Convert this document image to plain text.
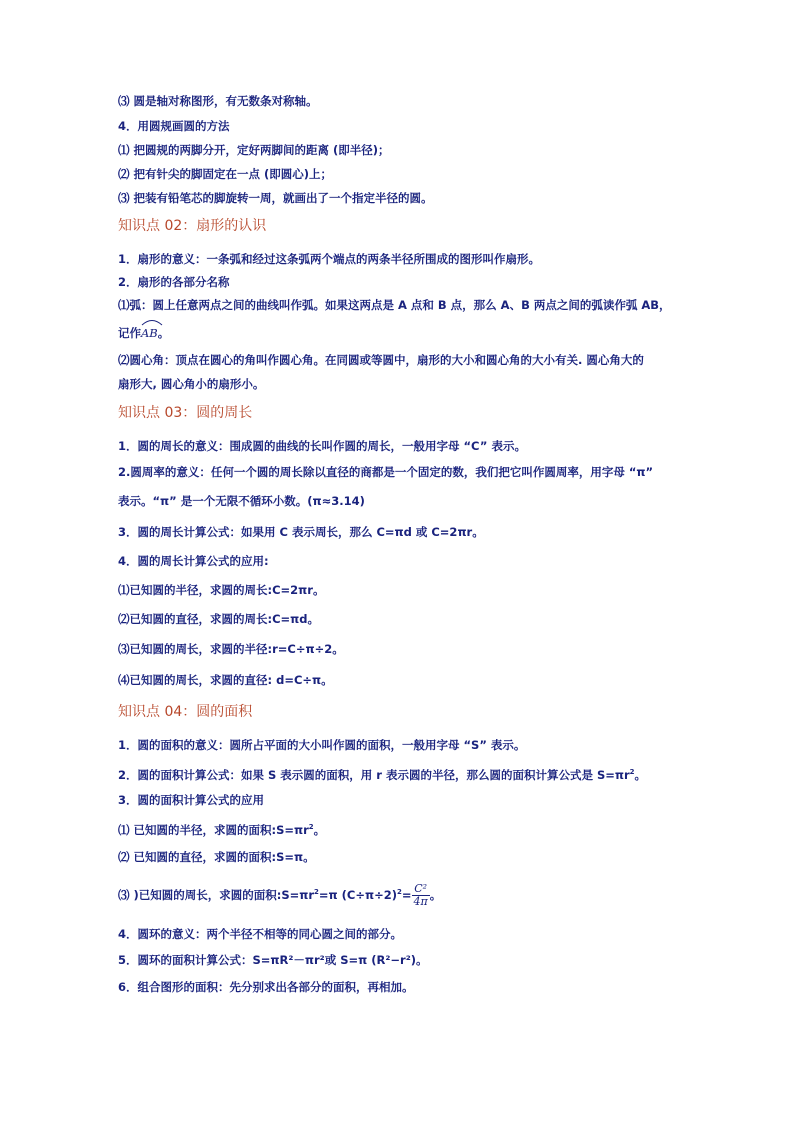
⑶ 圆是轴对称图形，有无数条对称轴。
4．用圆规画圆的方法
⑴ 把圆规的两脚分开，定好两脚间的距离 (即半径)；
⑵ 把有针尖的脚固定在一点 (即圆心)上；
⑶ 把装有铅笔芯的脚旋转一周，就画出了一个指定半径的圆。
知识点 02：扇形的认识
1．扇形的意义：一条弧和经过这条弧两个端点的两条半径所围成的图形叫作扇形。
2．扇形的各部分名称
⑴弧：圆上任意两点之间的曲线叫作弧。如果这两点是 A 点和 B 点，那么 A、B 两点之间的弧读作弧 AB，
记作
AB。
⑵圆心角：顶点在圆心的角叫作圆心角。在同圆或等圆中，扇形的大小和圆心角的大小有关. 圆心角大的
扇形大, 圆心角小的扇形小。
知识点 03：圆的周长
1．圆的周长的意义：围成圆的曲线的长叫作圆的周长，一般用字母 “C” 表示。
2.圆周率的意义：任何一个圆的周长除以直径的商都是一个固定的数，我们把它叫作圆周率，用字母 “π”
表示。“π” 是一个无限不循环小数。(π≈3.14)
3．圆的周长计算公式：如果用 C 表示周长，那么 C=πd 或 C=2πr。
4．圆的周长计算公式的应用:
⑴已知圆的半径，求圆的周长:C=2πr。
⑵已知圆的直径，求圆的周长:C=πd。
⑶已知圆的周长，求圆的半径:r=C÷π÷2。
⑷已知圆的周长，求圆的直径: d=C÷π。
知识点 04：圆的面积
1．圆的面积的意义：圆所占平面的大小叫作圆的面积，一般用字母 “S” 表示。
2．圆的面积计算公式：如果 S 表示圆的面积，用 r 表示圆的半径，那么圆的面积计算公式是 $S=\pi r^2$。
3．圆的面积计算公式的应用
⑴ 已知圆的半径，求圆的面积$:S=\pi r^2$。
⑵ 已知圆的直径，求圆的面积:S=π。
⑶ )已知圆的周长，求圆的面积$:S=\pi r^2=\pi$ $(C\div\pi\div 2)^2= \frac{\text{C²}}{4\pi}$ 。
4．圆环的意义：两个半径不相等的同心圆之间的部分。
5．圆环的面积计算公式：S=πR²－πr²或 S=π (R²−r²)。
6．组合图形的面积：先分别求出各部分的面积，再相加。
